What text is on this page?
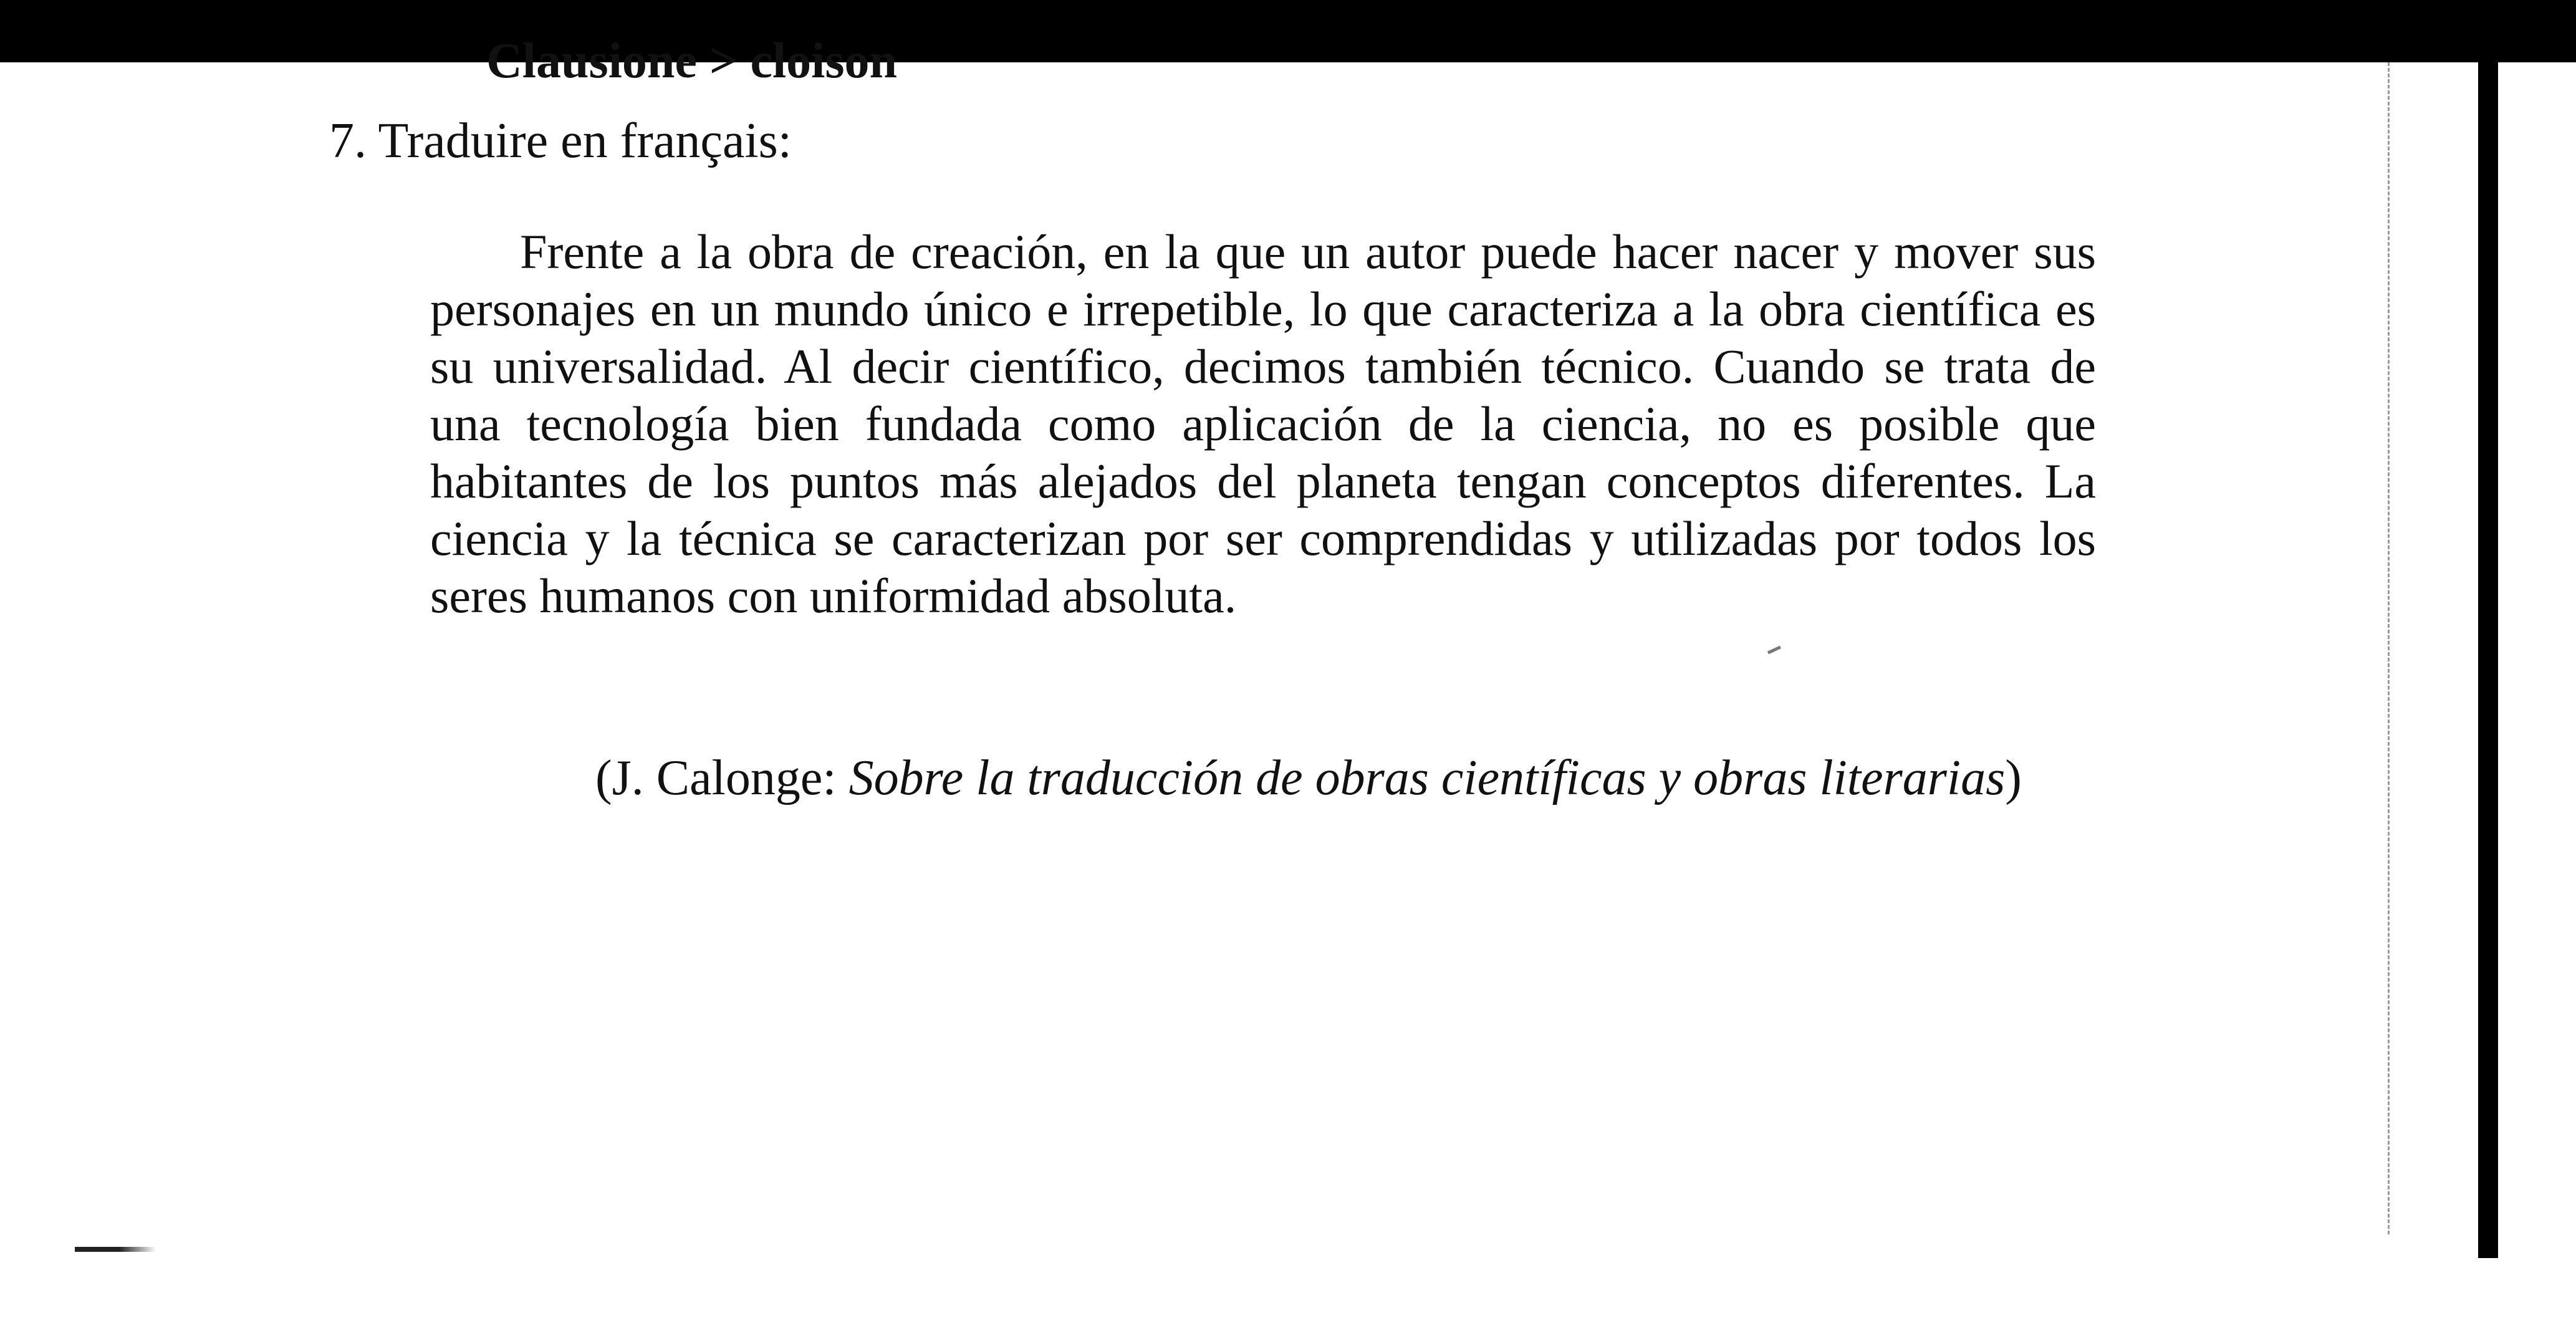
Clausione > cloison
7. Traduire en français:

Frente a la obra de creación, en la que un autor puede hacer nacer y mover sus personajes en un mundo único e irrepetible, lo que caracteriza a la obra científica es su universalidad. Al decir científico, decimos también técnico. Cuando se trata de una tecnología bien fundada como aplicación de la ciencia, no es posible que habitantes de los puntos más alejados del planeta tengan conceptos diferentes. La ciencia y la técnica se caracterizan por ser comprendidas y utilizadas por todos los seres humanos con uniformidad absoluta.

(J. Calonge: Sobre la traducción de obras científicas y obras literarias)
